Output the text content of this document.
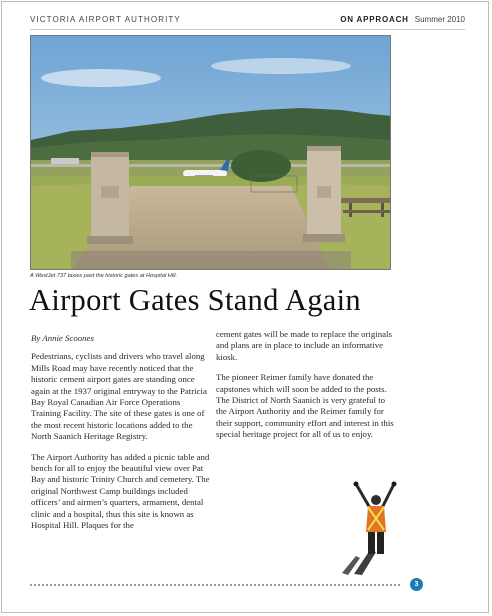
VICTORIA AIRPORT AUTHORITY	ON APPROACH Summer 2010
A WestJet 737 taxies past the historic gates at Hospital Hill.
Airport Gates Stand Again

By Annie Scoones

Pedestrians, cyclists and drivers who travel along Mills Road may have recently noticed that the historic cement airport gates are standing once again at the 1937 original entryway to the Patricia Bay Royal Canadian Air Force Operations Training Facility. The site of these gates is one of the most recent historic locations added to the North Saanich Heritage Registry.

The Airport Authority has added a picnic table and bench for all to enjoy the beautiful view over Pat Bay and historic Trinity Church and cemetery. The original Northwest Camp buildings included officers’ and airmen’s quarters, armament, dental clinic and a hospital, thus this site is known as Hospital Hill. Plaques for the

cement gates will be made to replace the originals and plans are in place to include an informative kiosk.

The pioneer Reimer family have donated the capstones which will soon be added to the posts. The District of North Saanich is very grateful to the Airport Authority and the Reimer family for their support, community effort and interest in this special heritage project for all of us to enjoy.

3
